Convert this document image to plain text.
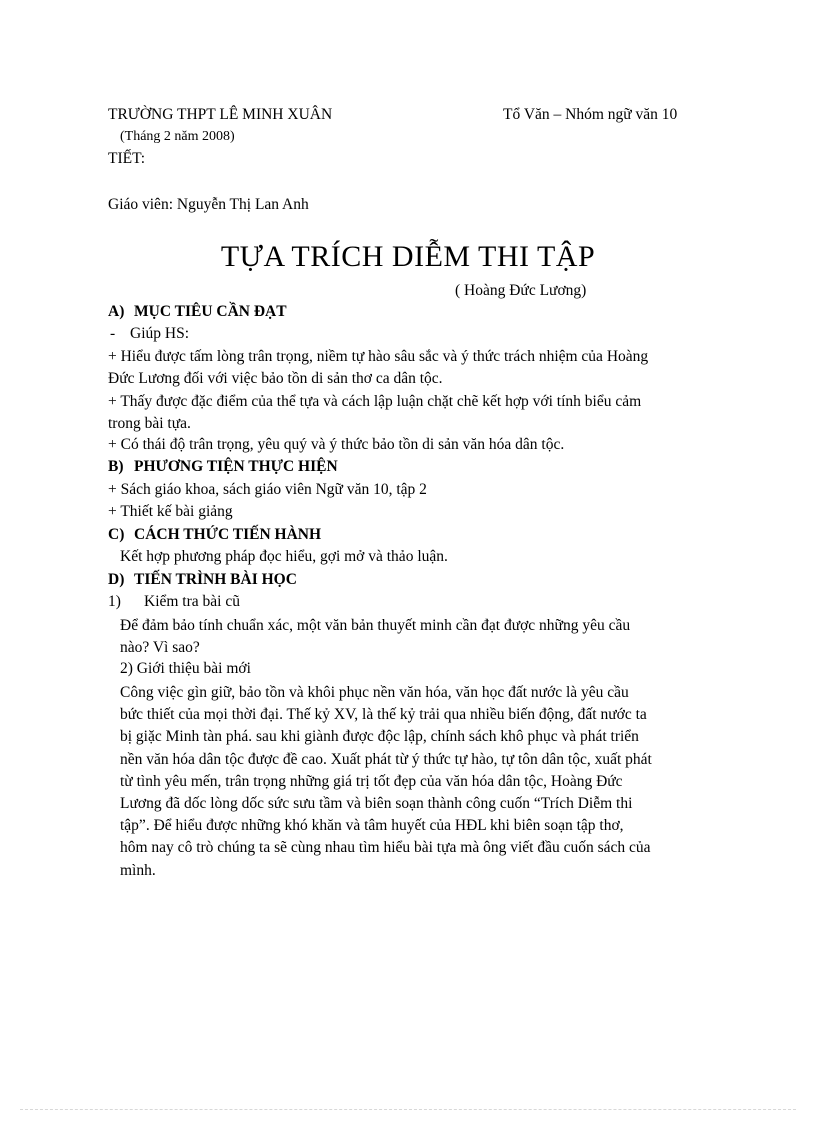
TRƯỜNG THPT LÊ MINH XUÂN	Tổ Văn – Nhóm ngữ văn 10
(Tháng 2 năm 2008)
TIẾT:
Giáo viên: Nguyễn Thị Lan Anh
TỰA TRÍCH DIỄM THI TẬP
( Hoàng Đức Lương)
A) MỤC TIÊU CẦN ĐẠT
- Giúp HS:
+ Hiểu được tấm lòng trân trọng, niềm tự hào sâu sắc và ý thức trách nhiệm của Hoàng
Đức Lương đối với việc bảo tồn di sản thơ ca dân tộc.
+ Thấy được đặc điểm của thể tựa và cách lập luận chặt chẽ kết hợp với tính biểu cảm
trong bài tựa.
+ Có thái độ trân trọng, yêu quý và ý thức bảo tồn di sản văn hóa dân tộc.
B) PHƯƠNG TIỆN THỰC HIỆN
+ Sách giáo khoa, sách giáo viên Ngữ văn 10, tập 2
+ Thiết kế bài giảng
C) CÁCH THỨC TIẾN HÀNH
Kết hợp phương pháp đọc hiểu, gợi mở và thảo luận.
D) TIẾN TRÌNH BÀI HỌC
1) Kiểm tra bài cũ
Để đảm bảo tính chuẩn xác, một văn bản thuyết minh cần đạt được những yêu cầu
nào? Vì sao?
2) Giới thiệu bài mới
Công việc gìn giữ, bảo tồn và khôi phục nền văn hóa, văn học đất nước là yêu cầu
bức thiết của mọi thời đại. Thế kỷ XV, là thế kỷ trải qua nhiều biến động, đất nước ta
bị giặc Minh tàn phá. sau khi giành được độc lập, chính sách khô phục và phát triển
nền văn hóa dân tộc được đề cao. Xuất phát từ ý thức tự hào, tự tôn dân tộc, xuất phát
từ tình yêu mến, trân trọng những giá trị tốt đẹp của văn hóa dân tộc, Hoàng Đức
Lương đã dốc lòng dốc sức sưu tầm và biên soạn thành công cuốn “Trích Diễm thi
tập”. Để hiểu được những khó khăn và tâm huyết của HĐL khi biên soạn tập thơ,
hôm nay cô trò chúng ta sẽ cùng nhau tìm hiểu bài tựa mà ông viết đầu cuốn sách của
mình.
